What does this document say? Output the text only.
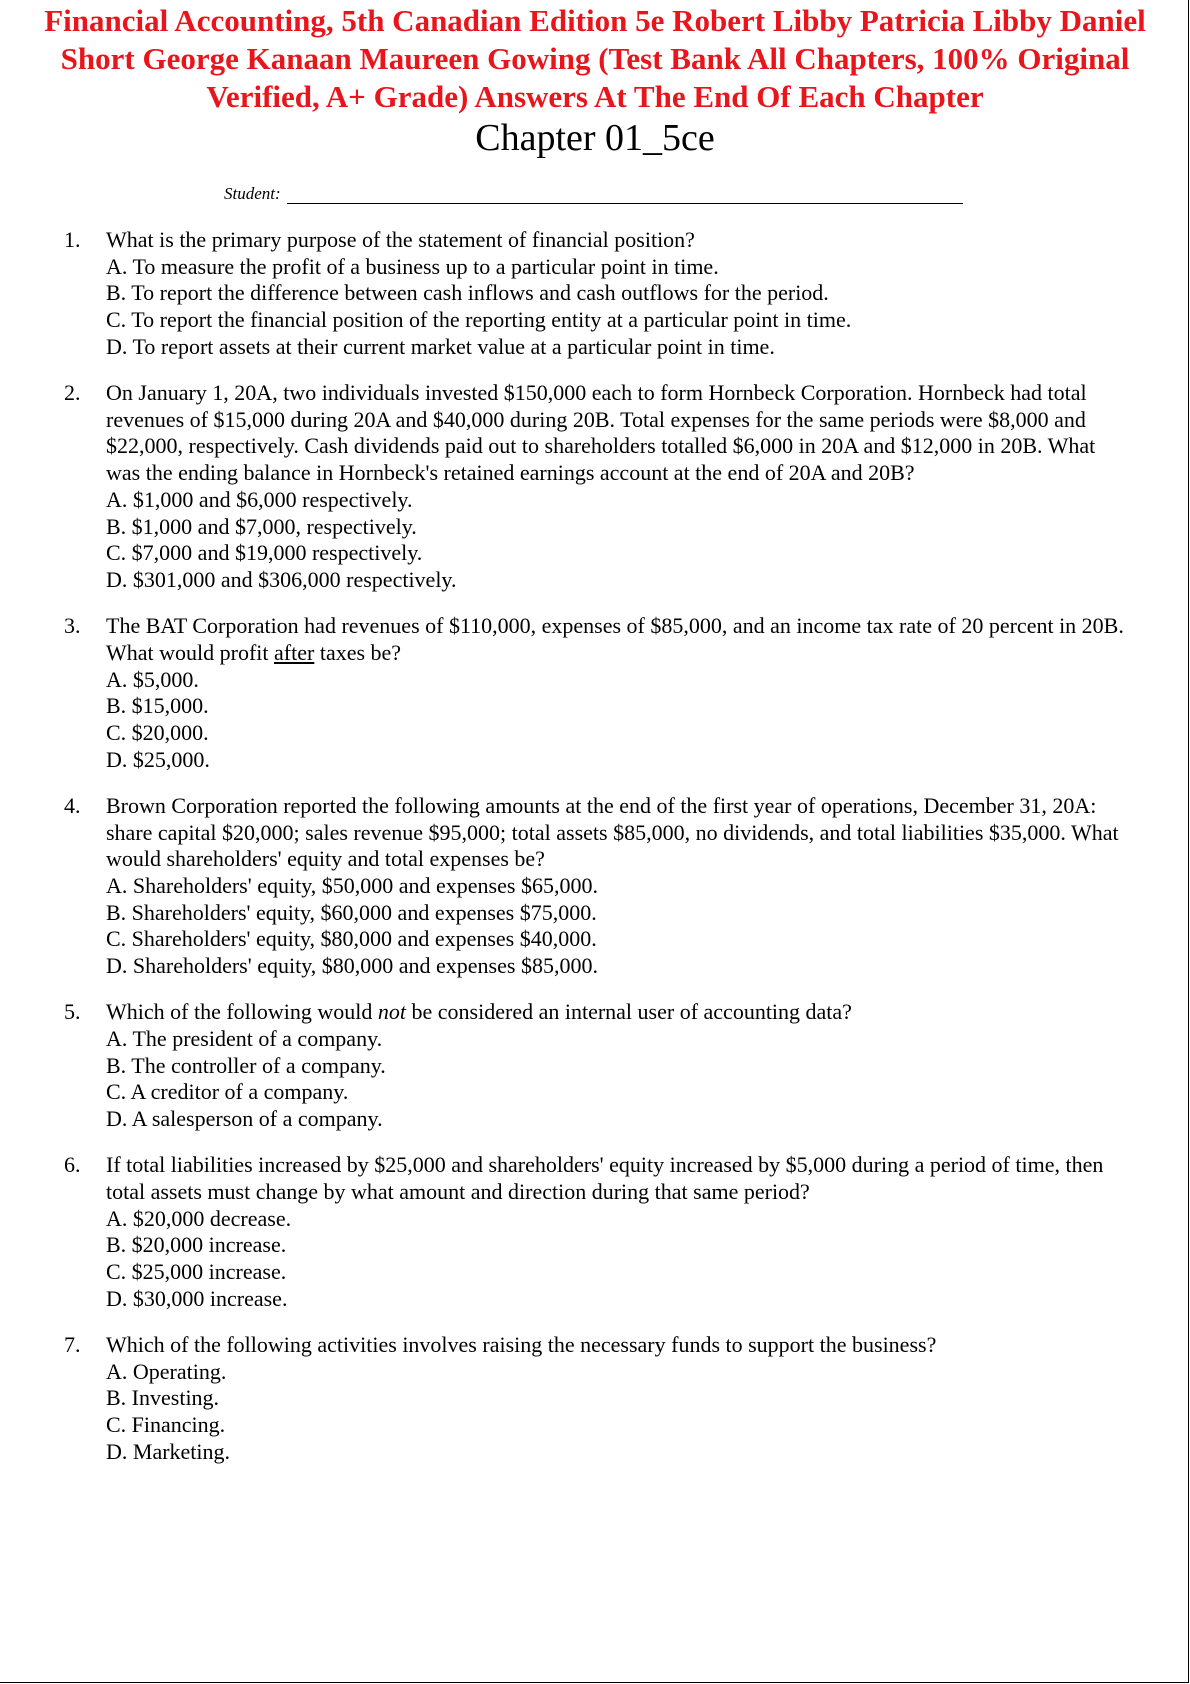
Financial Accounting, 5th Canadian Edition 5e Robert Libby Patricia Libby Daniel Short George Kanaan Maureen Gowing (Test Bank All Chapters, 100% Original Verified, A+ Grade) Answers At The End Of Each Chapter
Chapter 01_5ce
Student:
1. What is the primary purpose of the statement of financial position?
A. To measure the profit of a business up to a particular point in time.
B. To report the difference between cash inflows and cash outflows for the period.
C. To report the financial position of the reporting entity at a particular point in time.
D. To report assets at their current market value at a particular point in time.
2. On January 1, 20A, two individuals invested $150,000 each to form Hornbeck Corporation. Hornbeck had total revenues of $15,000 during 20A and $40,000 during 20B. Total expenses for the same periods were $8,000 and $22,000, respectively. Cash dividends paid out to shareholders totalled $6,000 in 20A and $12,000 in 20B. What was the ending balance in Hornbeck's retained earnings account at the end of 20A and 20B?
A. $1,000 and $6,000 respectively.
B. $1,000 and $7,000, respectively.
C. $7,000 and $19,000 respectively.
D. $301,000 and $306,000 respectively.
3. The BAT Corporation had revenues of $110,000, expenses of $85,000, and an income tax rate of 20 percent in 20B. What would profit after taxes be?
A. $5,000.
B. $15,000.
C. $20,000.
D. $25,000.
4. Brown Corporation reported the following amounts at the end of the first year of operations, December 31, 20A: share capital $20,000; sales revenue $95,000; total assets $85,000, no dividends, and total liabilities $35,000. What would shareholders' equity and total expenses be?
A. Shareholders' equity, $50,000 and expenses $65,000.
B. Shareholders' equity, $60,000 and expenses $75,000.
C. Shareholders' equity, $80,000 and expenses $40,000.
D. Shareholders' equity, $80,000 and expenses $85,000.
5. Which of the following would not be considered an internal user of accounting data?
A. The president of a company.
B. The controller of a company.
C. A creditor of a company.
D. A salesperson of a company.
6. If total liabilities increased by $25,000 and shareholders' equity increased by $5,000 during a period of time, then total assets must change by what amount and direction during that same period?
A. $20,000 decrease.
B. $20,000 increase.
C. $25,000 increase.
D. $30,000 increase.
7. Which of the following activities involves raising the necessary funds to support the business?
A. Operating.
B. Investing.
C. Financing.
D. Marketing.
